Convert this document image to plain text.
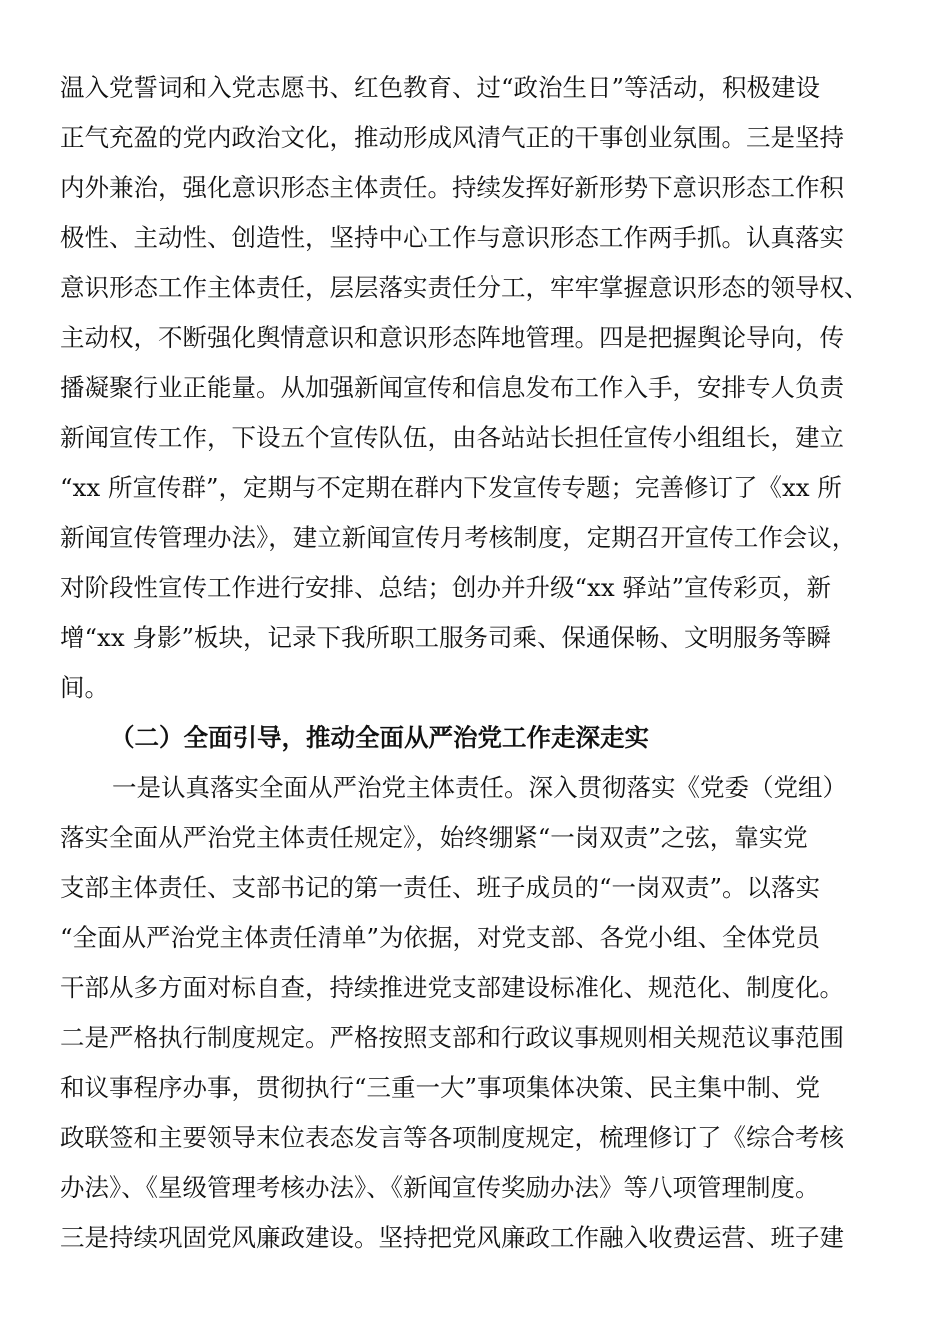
温入党誓词和入党志愿书、红色教育、过“政治生日”等活动，积极建设
正气充盈的党内政治文化，推动形成风清气正的干事创业氛围。三是坚持
内外兼治，强化意识形态主体责任。持续发挥好新形势下意识形态工作积
极性、主动性、创造性，坚持中心工作与意识形态工作两手抓。认真落实
意识形态工作主体责任，层层落实责任分工，牢牢掌握意识形态的领导权、
主动权，不断强化舆情意识和意识形态阵地管理。四是把握舆论导向，传
播凝聚行业正能量。从加强新闻宣传和信息发布工作入手，安排专人负责
新闻宣传工作，下设五个宣传队伍，由各站站长担任宣传小组组长，建立
“xx 所宣传群”，定期与不定期在群内下发宣传专题；完善修订了《xx 所
新闻宣传管理办法》，建立新闻宣传月考核制度，定期召开宣传工作会议，
对阶段性宣传工作进行安排、总结；创办并升级“xx 驿站”宣传彩页，新
增“xx 身影”板块，记录下我所职工服务司乘、保通保畅、文明服务等瞬
间。
（二）全面引导，推动全面从严治党工作走深走实
一是认真落实全面从严治党主体责任。深入贯彻落实《党委（党组）
落实全面从严治党主体责任规定》，始终绷紧“一岗双责”之弦，靠实党
支部主体责任、支部书记的第一责任、班子成员的“一岗双责”。以落实
“全面从严治党主体责任清单”为依据，对党支部、各党小组、全体党员
干部从多方面对标自查，持续推进党支部建设标准化、规范化、制度化。
二是严格执行制度规定。严格按照支部和行政议事规则相关规范议事范围
和议事程序办事，贯彻执行“三重一大”事项集体决策、民主集中制、党
政联签和主要领导末位表态发言等各项制度规定，梳理修订了《综合考核
办法》、《星级管理考核办法》、《新闻宣传奖励办法》等八项管理制度。
三是持续巩固党风廉政建设。坚持把党风廉政工作融入收费运营、班子建
